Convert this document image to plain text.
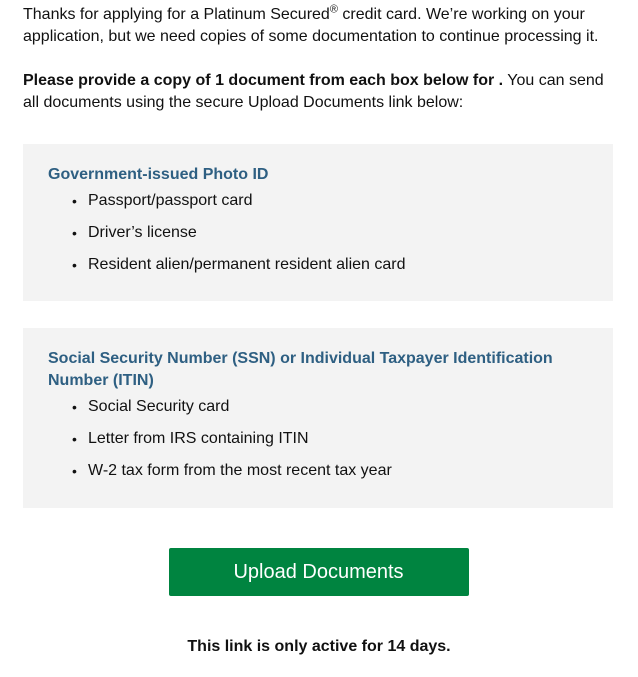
Thanks for applying for a Platinum Secured® credit card. We’re working on your application, but we need copies of some documentation to continue processing it.

Please provide a copy of 1 document from each box below for . You can send all documents using the secure Upload Documents link below:

Government-issued Photo ID

• Passport/passport card
• Driver’s license
• Resident alien/permanent resident alien card

Social Security Number (SSN) or Individual Taxpayer Identification Number (ITIN)

• Social Security card
• Letter from IRS containing ITIN
• W-2 tax form from the most recent tax year
Upload Documents
This link is only active for 14 days.
